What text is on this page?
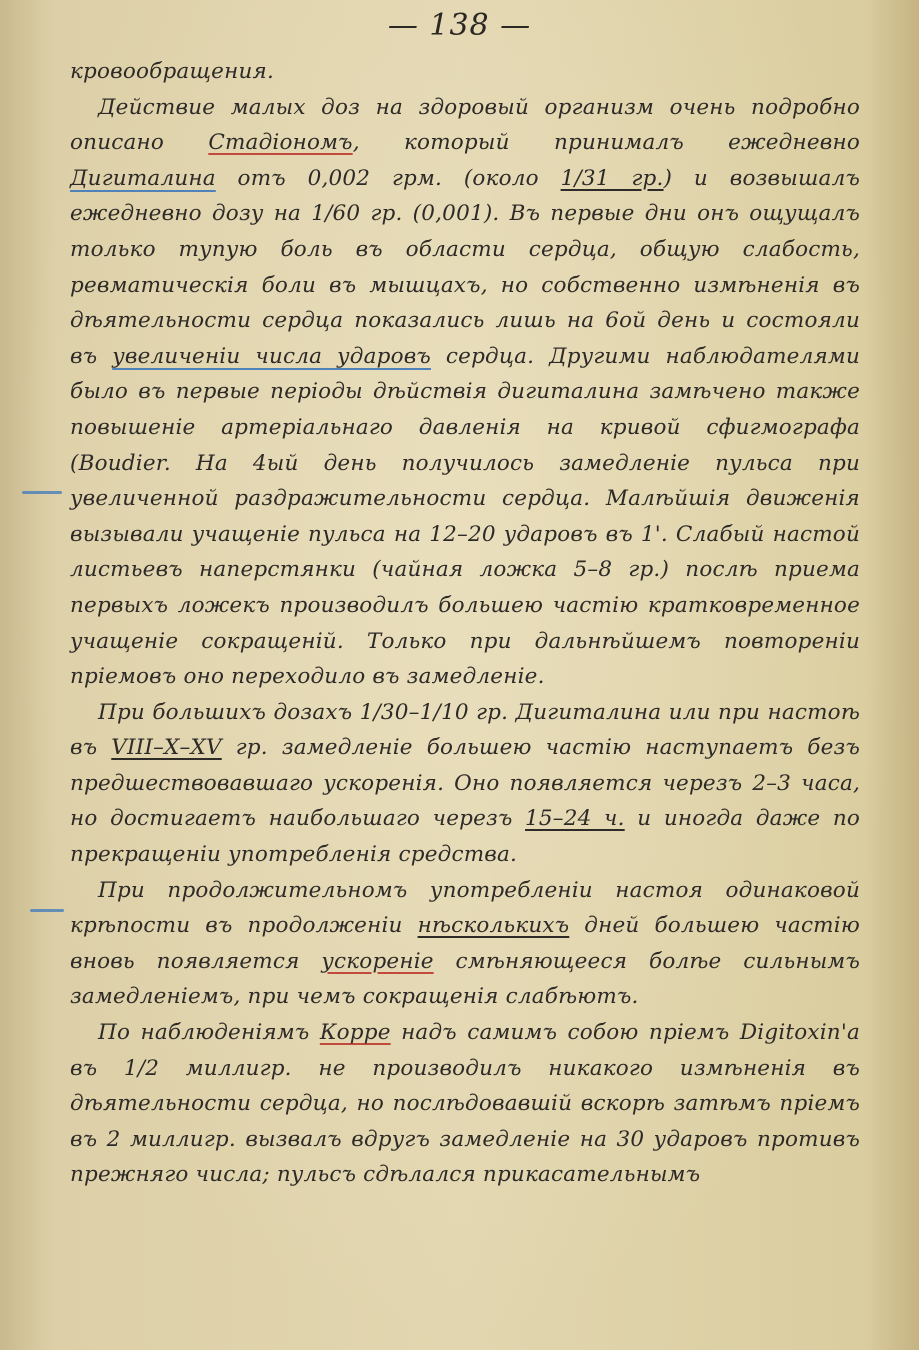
— 138 —

кровообращения.

Действие малых доз на здоровый организм очень подробно описано Стадіономъ, который принималъ ежедневно Дигиталина отъ 0,002 грм. (около 1/31 гр.) и возвышалъ ежедневно дозу на 1/60 гр. (0,001). Въ первые дни онъ ощущалъ только тупую боль въ области сердца, общую слабость, ревматическія боли въ мышцахъ, но собственно измѣненія въ дѣятельности сердца показались лишь на 6ой день и состояли въ увеличеніи числа ударовъ сердца. Другими наблюдателями было въ первые періоды дѣйствія дигиталина замѣчено также повышеніе артеріальнаго давленія на кривой сфигмографа (Boudier. На 4ый день получилось замедленіе пульса при увеличенной раздражительности сердца. Малѣйшія движенія вызывали учащеніе пульса на 12–20 ударовъ въ 1'. Слабый настой листьевъ наперстянки (чайная ложка 5–8 гр.) послѣ приема первыхъ ложекъ производилъ большею частію кратковременное учащеніе сокращеній. Только при дальнѣйшемъ повтореніи пріемовъ оно переходило въ замедленіе.

При большихъ дозахъ 1/30–1/10 гр. Дигиталина или при настоѣ въ VIII–X–XV гр. замедленіе большею частію наступаетъ безъ предшествовавшаго ускоренія. Оно появляется черезъ 2–3 часа, но достигаетъ наибольшаго черезъ 15–24 ч. и иногда даже по прекращеніи употребленія средства.

При продолжительномъ употребленіи настоя одинаковой крѣпости въ продолженіи нѣсколькихъ дней большею частію вновь появляется ускореніе смѣняющееся болѣе сильнымъ замедленіемъ, при чемъ сокращенія слабѣютъ.

По наблюденіямъ Корре надъ самимъ собою пріемъ Digitoxin'а въ 1/2 миллигр. не производилъ никакого измѣненія въ дѣятельности сердца, но послѣдовавшій вскорѣ затѣмъ пріемъ въ 2 миллигр. вызвалъ вдругъ замедленіе на 30 ударовъ противъ прежняго числа; пульсъ сдѣлался прикасательнымъ
